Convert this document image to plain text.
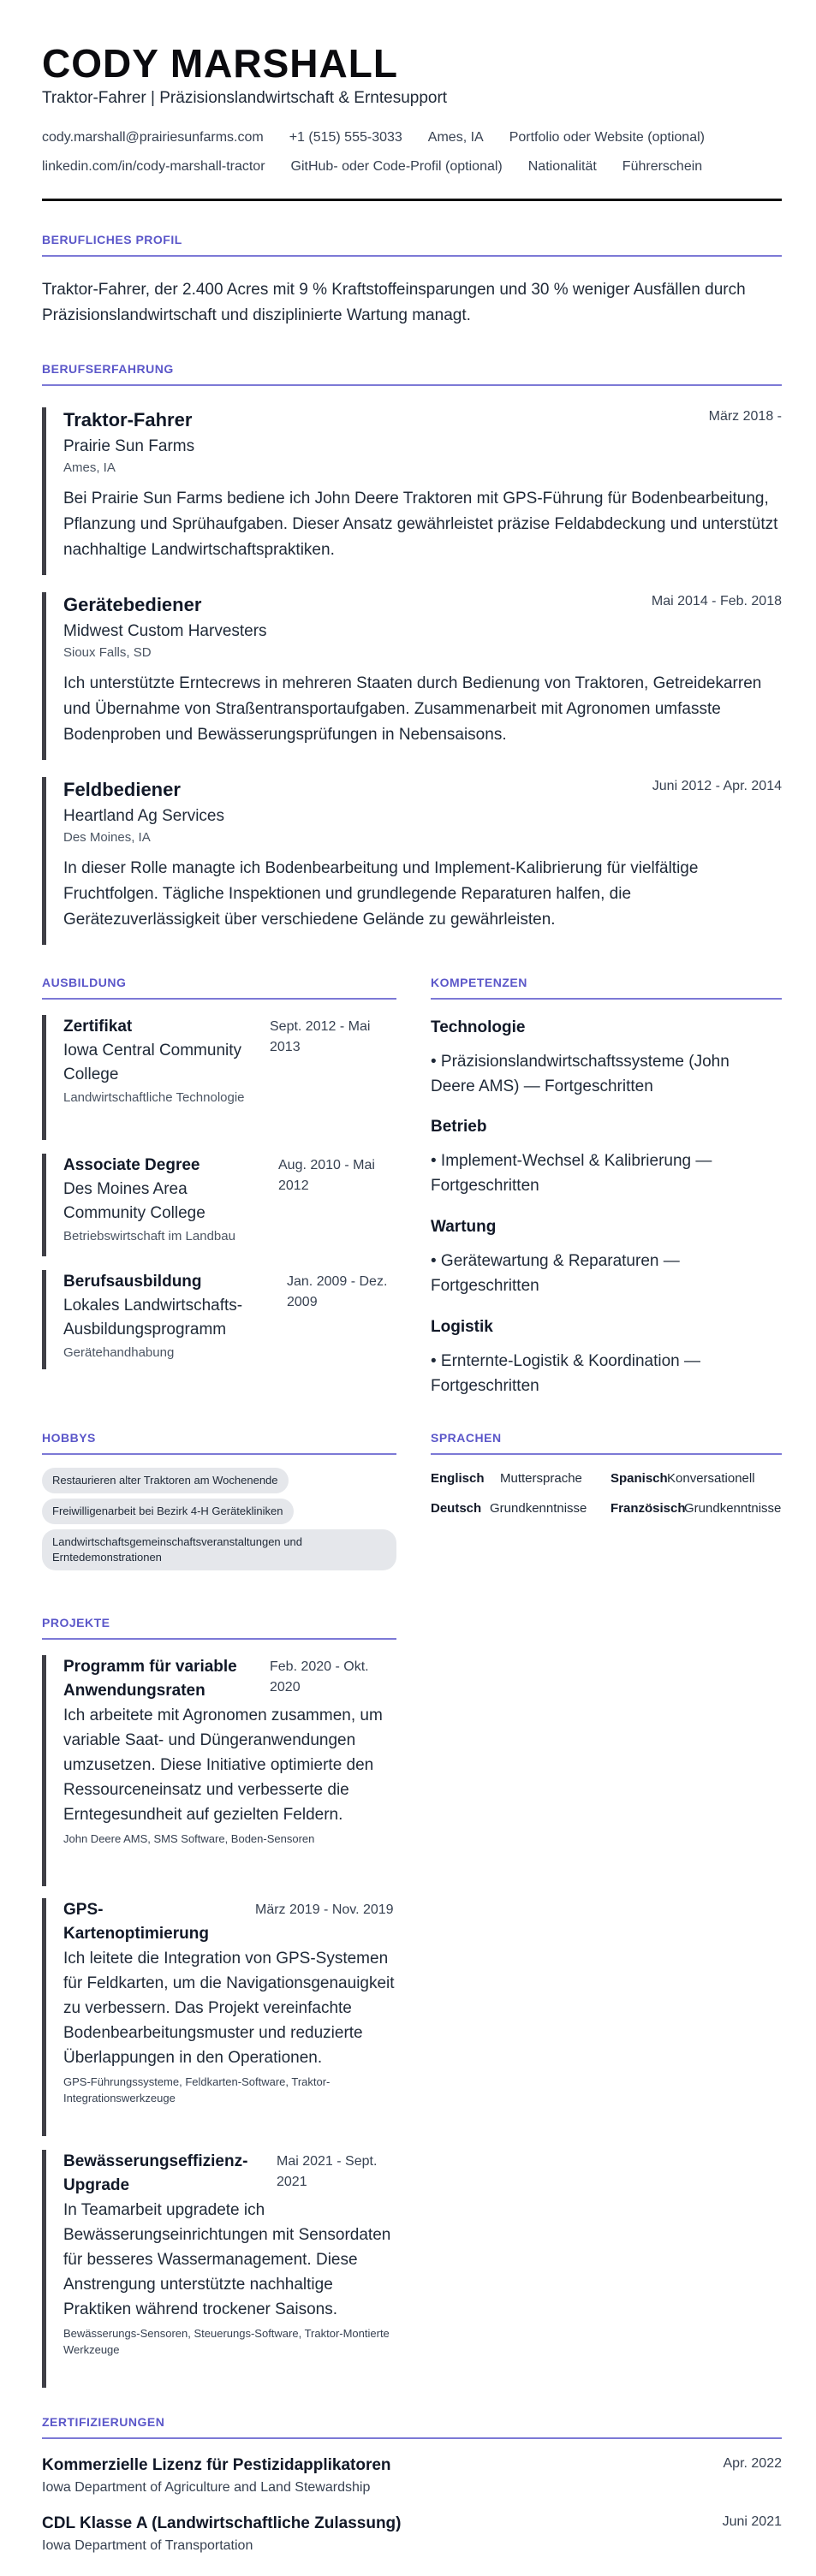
CODY MARSHALL
Traktor-Fahrer | Präzisionslandwirtschaft & Erntesupport
cody.marshall@prairiesunfarms.com +1 (515) 555-3033 Ames, IA Portfolio oder Website (optional)
linkedin.com/in/cody-marshall-tractor GitHub- oder Code-Profil (optional) Nationalität Führerschein
BERUFLICHES PROFIL
Traktor-Fahrer, der 2.400 Acres mit 9 % Kraftstoffeinsparungen und 30 % weniger Ausfällen durch Präzisionslandwirtschaft und disziplinierte Wartung managt.
BERUFSERFAHRUNG
Traktor-Fahrer
Prairie Sun Farms
Ames, IA
Bei Prairie Sun Farms bediene ich John Deere Traktoren mit GPS-Führung für Bodenbearbeitung, Pflanzung und Sprühaufgaben. Dieser Ansatz gewährleistet präzise Feldabdeckung und unterstützt nachhaltige Landwirtschaftspraktiken.
März 2018 -
Gerätebediener
Midwest Custom Harvesters
Sioux Falls, SD
Ich unterstützte Erntecrews in mehreren Staaten durch Bedienung von Traktoren, Getreidekarren und Übernahme von Straßentransportaufgaben. Zusammenarbeit mit Agronomen umfasste Bodenproben und Bewässerungsprüfungen in Nebensaisons.
Mai 2014 - Feb. 2018
Feldbediener
Heartland Ag Services
Des Moines, IA
In dieser Rolle managte ich Bodenbearbeitung und Implement-Kalibrierung für vielfältige Fruchtfolgen. Tägliche Inspektionen und grundlegende Reparaturen halfen, die Gerätezuverlässigkeit über verschiedene Gelände zu gewährleisten.
Juni 2012 - Apr. 2014
AUSBILDUNG
Zertifikat
Iowa Central Community College
Landwirtschaftliche Technologie
Sept. 2012 - Mai 2013
Associate Degree
Des Moines Area Community College
Betriebswirtschaft im Landbau
Aug. 2010 - Mai 2012
Berufsausbildung
Lokales Landwirtschafts-Ausbildungsprogramm
Gerätehandhabung
Jan. 2009 - Dez. 2009
KOMPETENZEN
Technologie
• Präzisionslandwirtschaftssysteme (John Deere AMS) — Fortgeschritten
Betrieb
• Implement-Wechsel & Kalibrierung — Fortgeschritten
Wartung
• Gerätewartung & Reparaturen — Fortgeschritten
Logistik
• Ernternte-Logistik & Koordination — Fortgeschritten
HOBBYS
Restaurieren alter Traktoren am Wochenende
Freiwilligenarbeit bei Bezirk 4-H Gerätekliniken
Landwirtschaftsgemeinschaftsveranstaltungen und Erntedemonstrationen
SPRACHEN
Englisch Muttersprache Spanisch Konversationell
Deutsch Grundkenntnisse Französisch
Grundkenntnisse
PROJEKTE
Programm für variable Anwendungsraten
Ich arbeitete mit Agronomen zusammen, um variable Saat- und Düngeranwendungen umzusetzen. Diese Initiative optimierte den Ressourceneinsatz und verbesserte die Erntegesundheit auf gezielten Feldern.
John Deere AMS, SMS Software, Boden-Sensoren
Feb. 2020 - Okt. 2020
GPS-Kartenoptimierung
Ich leitete die Integration von GPS-Systemen für Feldkarten, um die Navigationsgenauigkeit zu verbessern. Das Projekt vereinfachte Bodenbearbeitungsmuster und reduzierte Überlappungen in den Operationen.
GPS-Führungssysteme, Feldkarten-Software, Traktor-Integrationswerkzeuge
März 2019 - Nov. 2019
Bewässerungseffizienz-Upgrade
In Teamarbeit upgradete ich Bewässerungseinrichtungen mit Sensordaten für besseres Wassermanagement. Diese Anstrengung unterstützte nachhaltige Praktiken während trockener Saisons.
Bewässerungs-Sensoren, Steuerungs-Software, Traktor-Montierte Werkzeuge
Mai 2021 - Sept. 2021
ZERTIFIZIERUNGEN
Kommerzielle Lizenz für Pestizidapplikatoren	Apr. 2022
Iowa Department of Agriculture and Land Stewardship
CDL Klasse A (Landwirtschaftliche Zulassung)	Juni 2021
Iowa Department of Transportation
